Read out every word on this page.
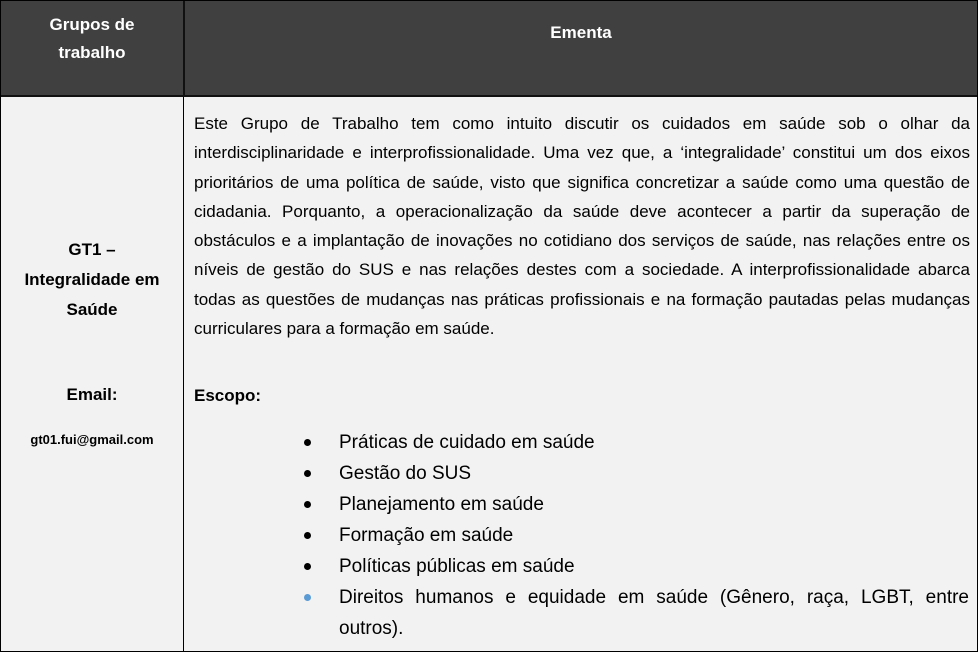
Grupos de
trabalho
Ementa
GT1 –
Integralidade em
Saúde
Email:
gt01.fui@gmail.com
Este Grupo de Trabalho tem como intuito discutir os cuidados em saúde sob o olhar da interdisciplinaridade e interprofissionalidade. Uma vez que, a ‘integralidade’ constitui um dos eixos prioritários de uma política de saúde, visto que significa concretizar a saúde como uma questão de cidadania. Porquanto, a operacionalização da saúde deve acontecer a partir da superação de obstáculos e a implantação de inovações no cotidiano dos serviços de saúde, nas relações entre os níveis de gestão do SUS e nas relações destes com a sociedade. A interprofissionalidade abarca todas as questões de mudanças nas práticas profissionais e na formação pautadas pelas mudanças curriculares para a formação em saúde.
Escopo:
Práticas de cuidado em saúde
Gestão do SUS
Planejamento em saúde
Formação em saúde
Políticas públicas em saúde
Direitos humanos e equidade em saúde (Gênero, raça, LGBT, entre outros).
